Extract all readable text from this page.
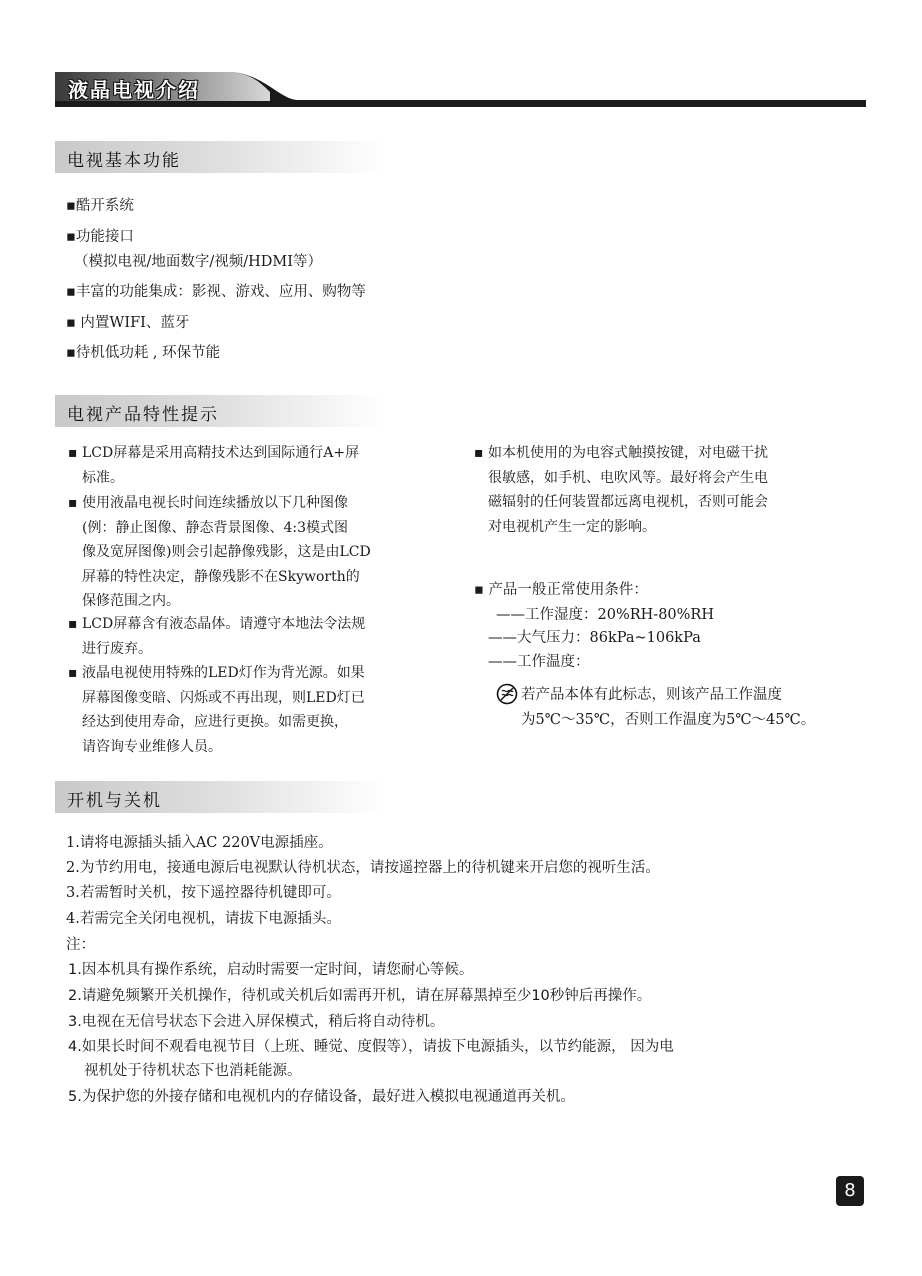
液晶电视介绍
电视基本功能
▪酷开系统
▪功能接口
（模拟电视/地面数字/视频/HDMI等）
▪丰富的功能集成：影视、游戏、应用、购物等
▪ 内置WIFI、蓝牙
▪待机低功耗 , 环保节能
电视产品特性提示
▪ LCD屏幕是采用高精技术达到国际通行A+屏
标准。
▪ 使用液晶电视长时间连续播放以下几种图像
(例：静止图像、静态背景图像、4:3模式图
像及宽屏图像)则会引起静像残影，这是由LCD
屏幕的特性决定，静像残影不在Skyworth的
保修范围之内。
▪ LCD屏幕含有液态晶体。请遵守本地法令法规
进行废弃。
▪ 液晶电视使用特殊的LED灯作为背光源。如果
屏幕图像变暗、闪烁或不再出现，则LED灯已
经达到使用寿命，应进行更换。如需更换，
请咨询专业维修人员。
▪ 如本机使用的为电容式触摸按键，对电磁干扰
很敏感，如手机、电吹风等。最好将会产生电
磁辐射的任何装置都远离电视机，否则可能会
对电视机产生一定的影响。
▪ 产品一般正常使用条件：
——工作湿度：20%RH-80%RH
——大气压力：86kPa~106kPa
——工作温度：
若产品本体有此标志，则该产品工作温度
为5℃～35℃，否则工作温度为5℃～45℃。
开机与关机
1.请将电源插头插入AC 220V电源插座。
2.为节约用电，接通电源后电视默认待机状态，请按遥控器上的待机键来开启您的视听生活。
3.若需暂时关机，按下遥控器待机键即可。
4.若需完全关闭电视机，请拔下电源插头。
注：
1.因本机具有操作系统，启动时需要一定时间，请您耐心等候。
2.请避免频繁开关机操作，待机或关机后如需再开机，请在屏幕黑掉至少10秒钟后再操作。
3.电视在无信号状态下会进入屏保模式，稍后将自动待机。
4.如果长时间不观看电视节目（上班、睡觉、度假等），请拔下电源插头，以节约能源， 因为电
视机处于待机状态下也消耗能源。
5.为保护您的外接存储和电视机内的存储设备，最好进入模拟电视通道再关机。
8
